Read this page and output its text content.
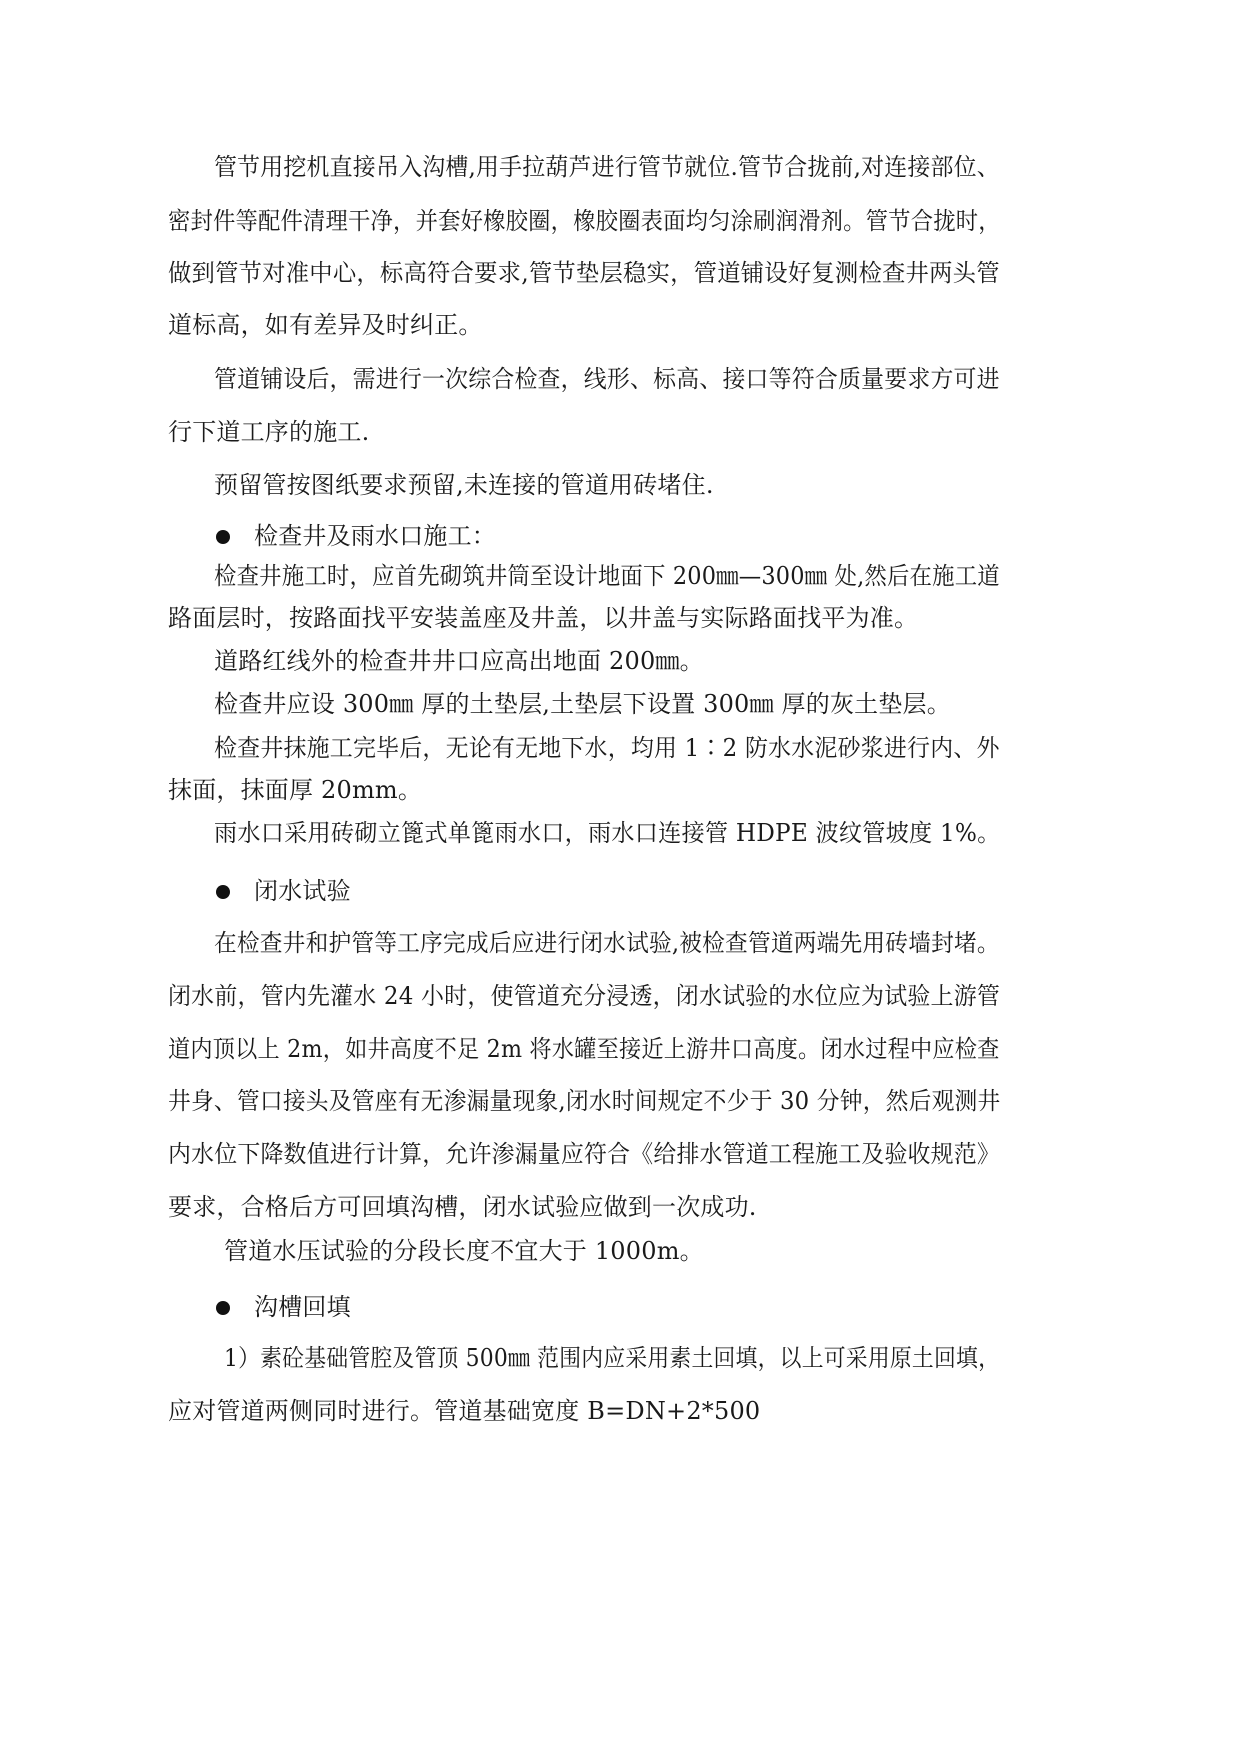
管节用挖机直接吊入沟槽,用手拉葫芦进行管节就位.管节合拢前,对连接部位、
密封件等配件清理干净，并套好橡胶圈，橡胶圈表面均匀涂刷润滑剂。管节合拢时，
做到管节对准中心，标高符合要求,管节垫层稳实，管道铺设好复测检查井两头管
道标高，如有差异及时纠正。
管道铺设后，需进行一次综合检查，线形、标高、接口等符合质量要求方可进
行下道工序的施工.
预留管按图纸要求预留,未连接的管道用砖堵住.
检查井及雨水口施工：
检查井施工时，应首先砌筑井筒至设计地面下 200㎜—300㎜ 处,然后在施工道
路面层时，按路面找平安装盖座及井盖，以井盖与实际路面找平为准。
道路红线外的检查井井口应高出地面 200㎜。
检查井应设 300㎜ 厚的土垫层,土垫层下设置 300㎜ 厚的灰土垫层。
检查井抹施工完毕后，无论有无地下水，均用 1∶2 防水水泥砂浆进行内、外
抹面，抹面厚 20mm。
雨水口采用砖砌立篦式单篦雨水口，雨水口连接管 HDPE 波纹管坡度 1%。
闭水试验
在检查井和护管等工序完成后应进行闭水试验,被检查管道两端先用砖墙封堵。
闭水前，管内先灌水 24 小时，使管道充分浸透，闭水试验的水位应为试验上游管
道内顶以上 2m，如井高度不足 2m 将水罐至接近上游井口高度。闭水过程中应检查
井身、管口接头及管座有无渗漏量现象,闭水时间规定不少于 30 分钟，然后观测井
内水位下降数值进行计算，允许渗漏量应符合《给排水管道工程施工及验收规范》
要求，合格后方可回填沟槽，闭水试验应做到一次成功.
管道水压试验的分段长度不宜大于 1000m。
沟槽回填
1）素砼基础管腔及管顶 500㎜ 范围内应采用素土回填，以上可采用原土回填，
应对管道两侧同时进行。管道基础宽度 B=DN+2*500
